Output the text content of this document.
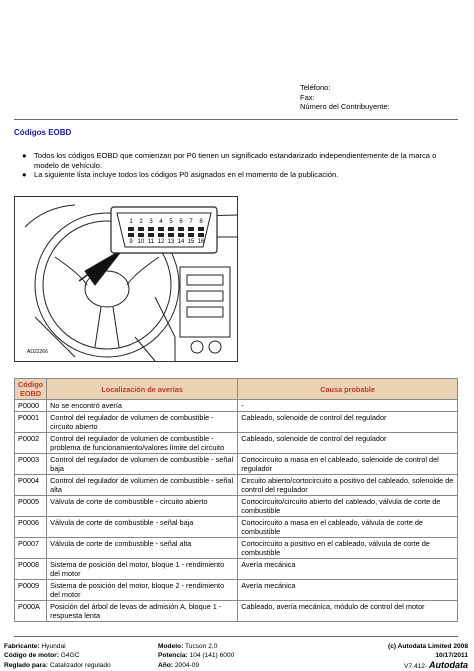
Teléfono:
Fax:
Número del Contribuyente:
Códigos EOBD
● Todos los códigos EOBD que comienzan por P0 tienen un significado estandarizado independientemente de la marca o modelo de vehículo.
● La siguiente lista incluye todos los códigos P0 asignados en el momento de la publicación.
1 2 3 4 5 6 7 8
9 10 11 12 13 14 15 16
AD22266
Código EOBD	Localización de averías	Causa probable
P0000	No se encontró avería	-
P0001	Control del regulador de volumen de combustible - circuito abierto	Cableado, solenoide de control del regulador
P0002	Control del regulador de volumen de combustible - problema de funcionamiento/valores límite del circuito	Cableado, solenoide de control del regulador
P0003	Control del regulador de volumen de combustible - señal baja	Cortocircuito a masa en el cableado, solenoide de control del regulador
P0004	Control del regulador de volumen de combustible - señal alta	Circuito abierto/cortocircuito a positivo del cableado, solenoide de control del regulador
P0005	Válvula de corte de combustible - circuito abierto	Cortocircuito/circuito abierto del cableado, válvula de corte de combustible
P0006	Válvula de corte de combustible - señal baja	Cortocircuito a masa en el cableado, válvula de corte de combustible
P0007	Válvula de corte de combustible - señal alta	Cortocircuito a positivo en el cableado, válvula de corte de combustible
P0008	Sistema de posición del motor, bloque 1 - rendimiento del motor	Avería mecánica
P0009	Sistema de posición del motor, bloque 2 - rendimiento del motor	Avería mecánica
P000A	Posición del árbol de levas de admisión A, bloque 1 - respuesta lenta	Cableado, avería mecánica, módulo de control del motor
Fabricante: Hyundai
Código de motor: G4GC
Reglado para: Catalizador regulado
Modelo: Tucson 2,0
Potencia: 104 (141) 6000
Año: 2004-09
(c) Autodata Limited 2008
10/17/2011
V7.412- Autodata
